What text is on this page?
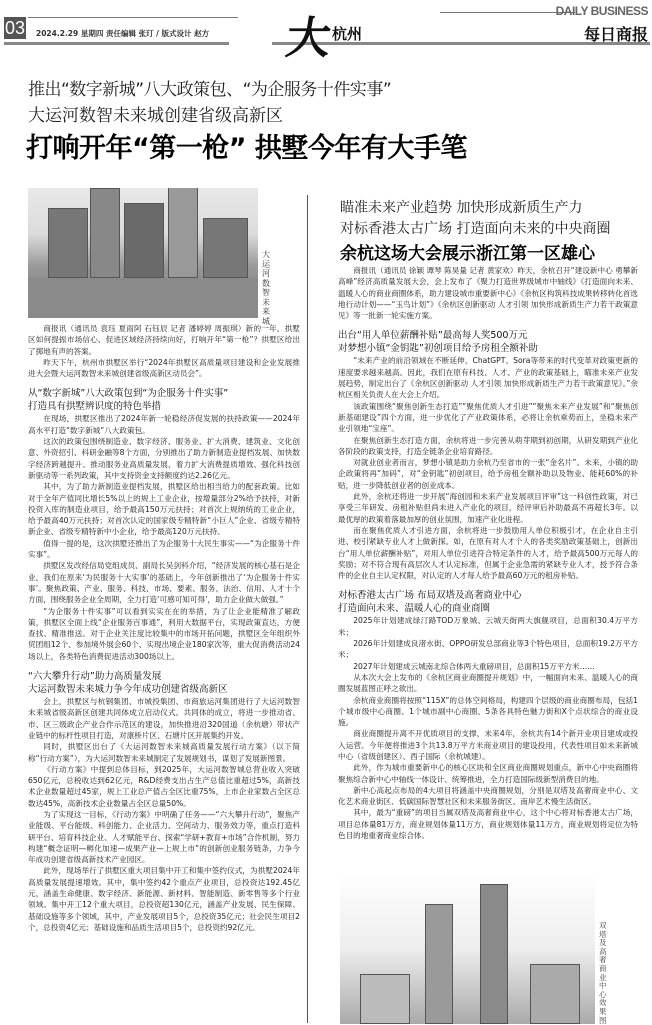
03 2024.2.29 星期四 责任编辑 张玎 / 版式设计 赵方 大
杭州
DAILY BUSINESS
每日商报
推出“数字新城”八大政策包、“为企服务十件实事”
大运河数智未来城创建省级高新区
打响开年“第一枪” 拱墅今年有大手笔
大运河数智未来城

商报讯（通讯员 袁珏 夏雨阿 石钰辰 记者 潘婷婷 周振琪）新的一年，拱墅区如何提振市场信心、促进区域经济持续向好，打响开年“第一枪”？拱墅区给出了掷地有声的答案。

昨天下午，杭州市拱墅区举行“2024年拱墅区高质量项目建设和企业发展推进大会暨大运河数智未来城创建省级高新区动员会”。

从“数字新城”八大政策包到“为企服务十件实事”
打造具有拱墅辨识度的特色举措

在现场，拱墅区推出了2024年新一轮稳经济促发展的扶持政策——2024年高水平打造“数字新城”八大政策包。

这次的政策包围绕制造业、数字经济、服务业、扩大消费、建筑业、文化创意、外资招引、科研金融等8个方面，分别推出了助力新制造业提档发展、加快数字经济跨越提升、推动服务业高质量发展、着力扩大消费提质增效、强化科技创新驱动等一系列政策，其中支持资金支持额度约达2.26亿元。

其中，为了助力新制造业提档发展，拱墅区给出相当给力的配套政策。比如对于全年产值同比增长5%以上的规上工业企业，按增量部分2%给予扶持，对新投资入库的制造业项目，给予最高150万元扶持；对首次上规纳统的工业企业，给予最高40万元扶持；对首次认定的国家级专精特新“小巨人”企业、省级专精特新企业、省级专精特新中小企业，给予最高120万元扶持。

值得一提的是，这次拱墅还推出了为企服务十大民生事实——“为企服务十件实事”。

拱墅区发改经信局党组成员、副局长吴剑科介绍，“经济发展的核心基石是企业，我们在原来‘为民服务十大实事’的基础上，今年创新推出了‘为企服务十件实事’。聚焦政策、产业、服务、科技、市场、要素、服务、法治、信用、人才十个方面，围绕服务企业全周期，全力打造‘可感可知可得’，助力企业做大做强。”

“为企服务十件实事”可以看到实实在在的举措，为了让企业能精准了解政策，拱墅区全面上线“企业服务百事通”，利用大数据平台，实现政策直达，方便查找、精准推送。对于企业关注度比较集中的市场开拓问题，拱墅区全年组织外贸团组12个、参加境外展会60个、实现出境企业180家次等，重大促消费活动24场以上，各类特色消费促进活动300场以上。

“六大攀升行动”助力高质量发展
大运河数智未来城力争今年成功创建省级高新区

会上，拱墅区与杭钢集团、市城投集团、市商旅运河集团进行了大运河数智未来城省级高新区创建共同体成立启动仪式。共同体的成立，将进一步推动省、市、区三级政企产业合作示范区的建设，加快推进沿320国道（余杭塘）带状产业链中的标杆性项目打造，对康桥片区、石塘片区开展集约开发。

同时，拱墅区出台了《大运河数智未来城高质量发展行动方案》（以下简称“行动方案”），为大运河数智未来城制定了发展规划书，谋划了发展新图景。

《行动方案》中提到总体目标，到2025年，大运河数智城总营业收入突破650亿元，总税收达到62亿元，R&D经费支出占生产总值比重超过5%，高新技术企业数量超过45家，规上工业总产值占全区比重75%，上市企业家数占全区总数达45%，高新技术企业数量占全区总量50%。

为了实现这一目标，《行动方案》中明确了任务——“六大攀升行动”，聚焦产业能级、平台能级、科创能力、企业活力、空间动力、服务效力等，重点打造科研平台、培育科技企业、人才赋能平台、探索“学研+教育+市场”合作机制，努力构建“概念证明—孵化加速—成果产业—上规上市”的创新创业服务链条，力争今年成功创建省级高新技术产业园区。

此外，现场举行了拱墅区重大项目集中开工和集中签约仪式，为拱墅2024年高质量发展提速增效。其中，集中签约42个重点产业项目，总投资达192.45亿元，涵盖生命健康、数字经济、新能源、新材料、智能制造、新零售等多个行业领域。集中开工12个重大项目，总投资超130亿元，涵盖产业发展、民生保障、基础设施等多个领域，其中，产业发展项目5个，总投资35亿元；社会民生项目2个，总投资4亿元；基础设施和品质生活项目5个，总投资约92亿元。

瞄准未来产业趋势 加快形成新质生产力
对标香港太古广场 打造面向未来的中央商圈
余杭这场大会展示浙江第一区雄心

商报讯（通讯员 徐颖 谭琴 陈昊量 记者 黄家欢）昨天，余杭召开“建设新中心 勇攀新高峰”经济高质量发展大会，会上发布了《聚力打造世界级城市中轴线》《打造面向未来、温暖人心的商业商圈体系，助力建设城市重要新中心》《余杭区构筑科技成果转移转化首选地行动计划——“玉鸟计划”》《余杭区创新驱动 人才引领 加快形成新质生产力若干政策意见》等一批新一轮实施方案。

出台“用人单位薪酬补贴”最高每人奖500万元
对梦想小镇“金钥匙”初创项目给予房租全额补助

“未来产业的前沿领域在不断延伸，ChatGPT、Sora等带来的时代变革对政策更新的速度要求越来越高。因此，我们在原有科技、人才、产业的政策基础上，瞄准未来产业发展趋势，制定出台了《余杭区创新驱动 人才引领 加快形成新质生产力若干政策意见》。”余杭区相关负责人在大会上介绍。

该政策围绕“聚焦创新生态打造”“聚焦优质人才引进”“聚焦未来产业发展”和“聚焦创新基础建设”四个方面，进一步优化了产业政策体系，必将让余杭乘势而上，坐稳未来产业引领地“宝座”。

在聚焦创新生态打造方面，余杭将进一步完善从萌芽期到初创期，从研发期到产业化各阶段的政策支持，打造全链条企业培育路径。

对就业创业者而言，梦想小镇是助力余杭乃至省市的一张“金名片”。未来，小镇的助企政策将再“加码”，对“金钥匙”初创项目，给予房租全额补助以及物业、能耗60%的补贴，进一步降低创业者的创业成本。

此外，余杭还将进一步开展“海创园和未来产业发展项目评审”这一科创性政策，对已享受三年研发、房租补贴但尚未进入产业化的项目，经评审后补助最高不再超长3年。以最优厚的政策着落最加厚的创业氛围，加速产业化进程。

而在聚焦优质人才引进方面，余杭将进一步鼓励用人单位积极引才，在企业自主引进、校引紧缺专业人才上做新探。如，在原有对人才个人的各类奖励政策基础上，创新出台“用人单位薪酬补贴”，对用人单位引进符合特定条件的人才，给予最高500万元每人的奖励；对不符合现有高层次人才认定标准，但属于企业急需的紧缺专业人才，授予符合条件的企业自主认定权限，对认定的人才每人给予最高60万元的租房补贴。

对标香港太古广场 布局双塔及高奢商业中心
打造面向未来、温暖人心的商业商圈

2025年计划建成绿汀路TOD万象城、云城天街两大旗舰项目，总面积30.4万平方米；

2026年计划建成良渚水街、OPPO研发总部商业等3个特色项目，总面积19.2万平方米；

2027年计划建成云城南北综合体两大重磅项目，总面积15万平方米……

从本次大会上发布的《余杭区商业商圈提升规划》中，一幅面向未来、温暖人心的商圈发展蓝图正呼之欲出。

余杭商业商圈将按照“115X”的总体空间格局，构建四个层级的商业商圈布局，包括1个城市级中心商圈、1个城市副中心商圈、5条各具特色魅力街和X个点状综合的商业设施。

商业商圈提升离不开优质项目的支撑，未来4年，余杭共有14个新开业项目建成或投入运营。今年便将推进3个共13.8万平方米商业项目的建设投用，代表性项目如未来新城中心（省级创建区）、西子国际（余杭城建）。

此外，作为城市重要新中心的核心区块和全区商业商圈规划重点，新中心中央商圈将聚焦综合新中心中轴线一体设计、统筹推进，全力打造国际级新型消费目的地。

新中心高起点布局的4大项目将涵盖中央商圈规划，分别是双塔及高奢商业中心、文化艺术商业街区、低碳国际智慧社区和未来服务街区、南岸艺术慢生活街区。

其中，最为“重磅”的项目当属双塔及高奢商业中心，这个中心将对标香港太古广场，项目总体量81万方，商业规划体量11万方，商业规划体量11万方，商业规划将定位为特色目的地重奢商业综合体。

双塔及高奢商业中心效果图
